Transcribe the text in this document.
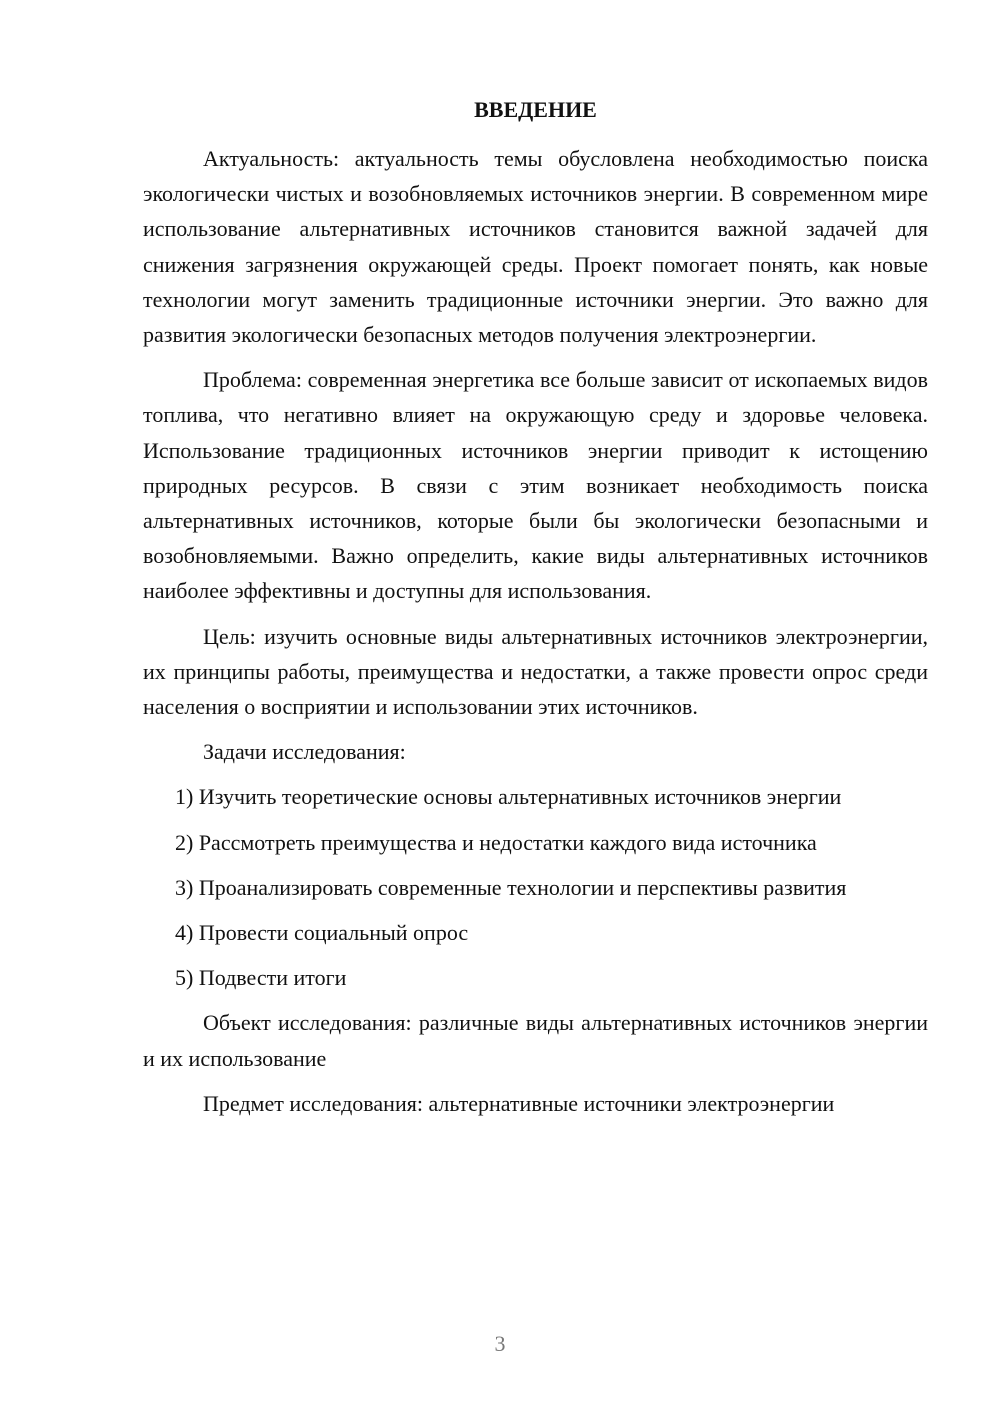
ВВЕДЕНИЕ

Актуальность: актуальность темы обусловлена необходимостью поиска экологически чистых и возобновляемых источников энергии. В современном мире использование альтернативных источников становится важной задачей для снижения загрязнения окружающей среды. Проект помогает понять, как новые технологии могут заменить традиционные источники энергии. Это важно для развития экологически безопасных методов получения электроэнергии.

Проблема: современная энергетика все больше зависит от ископаемых видов топлива, что негативно влияет на окружающую среду и здоровье человека. Использование традиционных источников энергии приводит к истощению природных ресурсов. В связи с этим возникает необходимость поиска альтернативных источников, которые были бы экологически безопасными и возобновляемыми. Важно определить, какие виды альтернативных источников наиболее эффективны и доступны для использования.

Цель: изучить основные виды альтернативных источников электроэнергии, их принципы работы, преимущества и недостатки, а также провести опрос среди населения о восприятии и использовании этих источников.

Задачи исследования:

1) Изучить теоретические основы альтернативных источников энергии

2) Рассмотреть преимущества и недостатки каждого вида источника

3) Проанализировать современные технологии и перспективы развития

4) Провести социальный опрос

5) Подвести итоги

Объект исследования: различные виды альтернативных источников энергии и их использование

Предмет исследования: альтернативные источники электроэнергии

3
